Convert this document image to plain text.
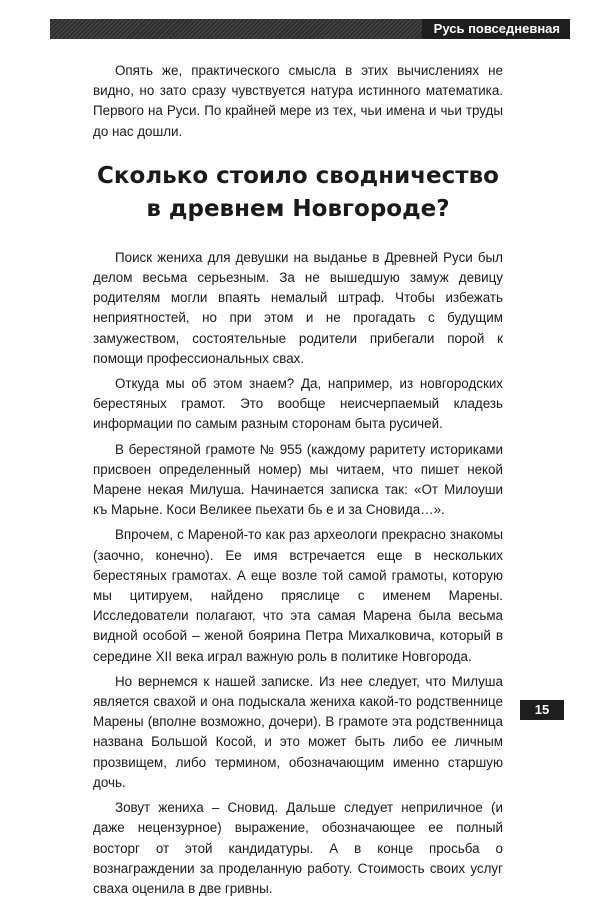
Русь повседневная

Опять же, практического смысла в этих вычислениях не видно, но зато сразу чувствуется натура истинного математика. Первого на Руси. По крайней мере из тех, чьи имена и чьи труды до нас дошли.

Сколько стоило сводничество
в древнем Новгороде?

Поиск жениха для девушки на выданье в Древней Руси был делом весьма серьезным. За не вышедшую замуж девицу родителям могли впаять немалый штраф. Чтобы избежать неприятностей, но при этом и не прогадать с будущим замужеством, состоятельные родители прибегали порой к помощи профессиональных свах.

Откуда мы об этом знаем? Да, например, из новгородских берестяных грамот. Это вообще неисчерпаемый кладезь информации по самым разным сторонам быта русичей.

В берестяной грамоте № 955 (каждому раритету историками присвоен определенный номер) мы читаем, что пишет некой Марене некая Милуша. Начинается записка так: «От Милоуши къ Марьне. Коси Великее пьехати бь е и за Сновида…».

Впрочем, с Мареной-то как раз археологи прекрасно знакомы (заочно, конечно). Ее имя встречается еще в нескольких берестяных грамотах. А еще возле той самой грамоты, которую мы цитируем, найдено пряслице с именем Марены. Исследователи полагают, что эта самая Марена была весьма видной особой – женой боярина Петра Михалковича, который в середине XII века играл важную роль в политике Новгорода.

Но вернемся к нашей записке. Из нее следует, что Милуша является свахой и она подыскала жениха какой-то родственнице Марены (вполне возможно, дочери). В грамоте эта родственница названа Большой Косой, и это может быть либо ее личным прозвищем, либо термином, обозначающим именно старшую дочь.

Зовут жениха – Сновид. Дальше следует неприличное (и даже нецензурное) выражение, обозначающее ее полный восторг от этой кандидатуры. А в конце просьба о вознаграждении за проделанную работу. Стоимость своих услуг сваха оценила в две гривны.

15
